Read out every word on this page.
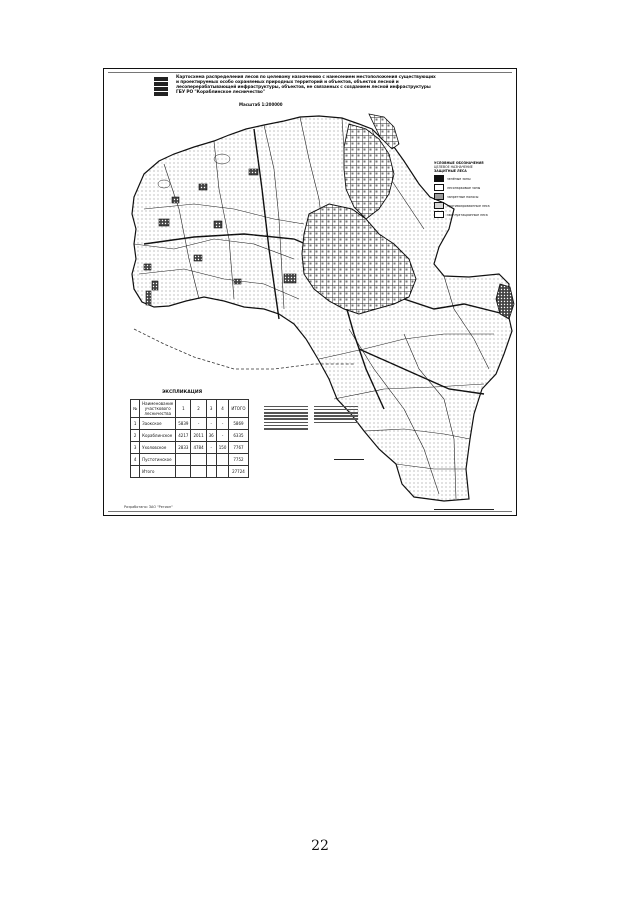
Картосхема распределения лесов по целевому назначению с нанесением местоположения существующих
и проектируемых особо охраняемых природных территорий и объектов, объектов лесной и
лесоперерабатывающей инфраструктуры, объектов, не связанных с созданием лесной инфраструктуры
ГБУ РО "Кораблинское лесничество"
Масштаб 1:200000
УСЛОВНЫЕ ОБОЗНАЧЕНИЯ
ЦЕЛЕВОЕ НАЗНАЧЕНИЕ
ЗАЩИТНЫЕ ЛЕСА
зелёные зоны
лесопарковые зоны
запретные полосы
противоэрозионные леса
эксплуатационные леса
ЭКСПЛИКАЦИЯ
№	Наименование участкового лесничества	1	2	3	4	ИТОГО
1	Заокское	5839	-	-	-	5869
2	Кораблинское	4217	2011	36	-	6335
3	Ухоловское	2833	4784	-	150	7767
4	Пустотинское					7752
	Итого					27724
Разработано: ЗАО "Регион"
22
